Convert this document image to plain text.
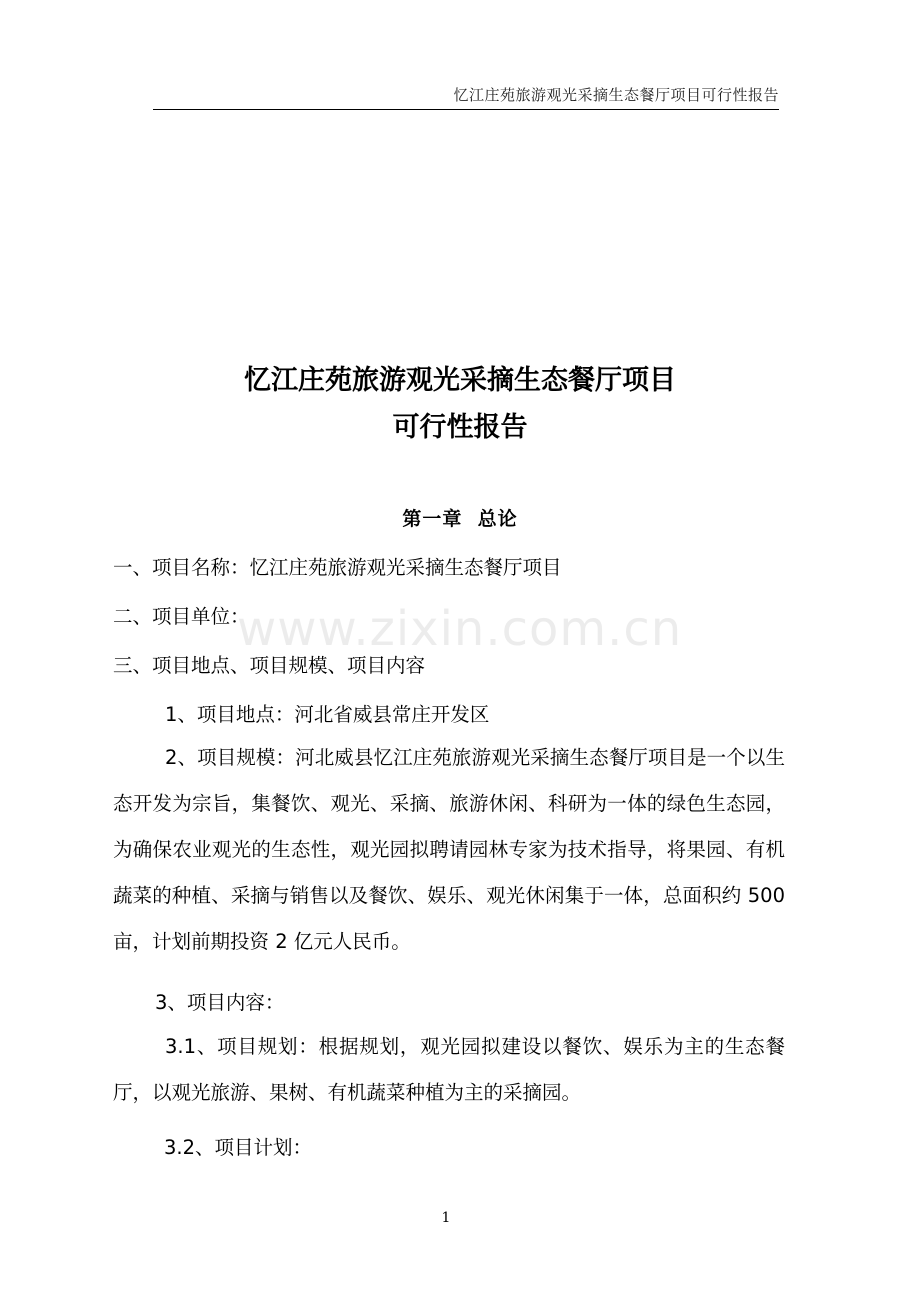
忆江庄苑旅游观光采摘生态餐厅项目可行性报告
忆江庄苑旅游观光采摘生态餐厅项目
可行性报告
第一章  总论
一、项目名称：忆江庄苑旅游观光采摘生态餐厅项目
二、项目单位：
三、项目地点、项目规模、项目内容
1、项目地点：河北省威县常庄开发区
2、项目规模：河北威县忆江庄苑旅游观光采摘生态餐厅项目是一个以生态开发为宗旨，集餐饮、观光、采摘、旅游休闲、科研为一体的绿色生态园，为确保农业观光的生态性，观光园拟聘请园林专家为技术指导，将果园、有机蔬菜的种植、采摘与销售以及餐饮、娱乐、观光休闲集于一体，总面积约 500 亩，计划前期投资 2 亿元人民币。
3、项目内容：
3.1、项目规划：根据规划，观光园拟建设以餐饮、娱乐为主的生态餐厅，以观光旅游、果树、有机蔬菜种植为主的采摘园。
3.2、项目计划：
www.zixin.com.cn
1
